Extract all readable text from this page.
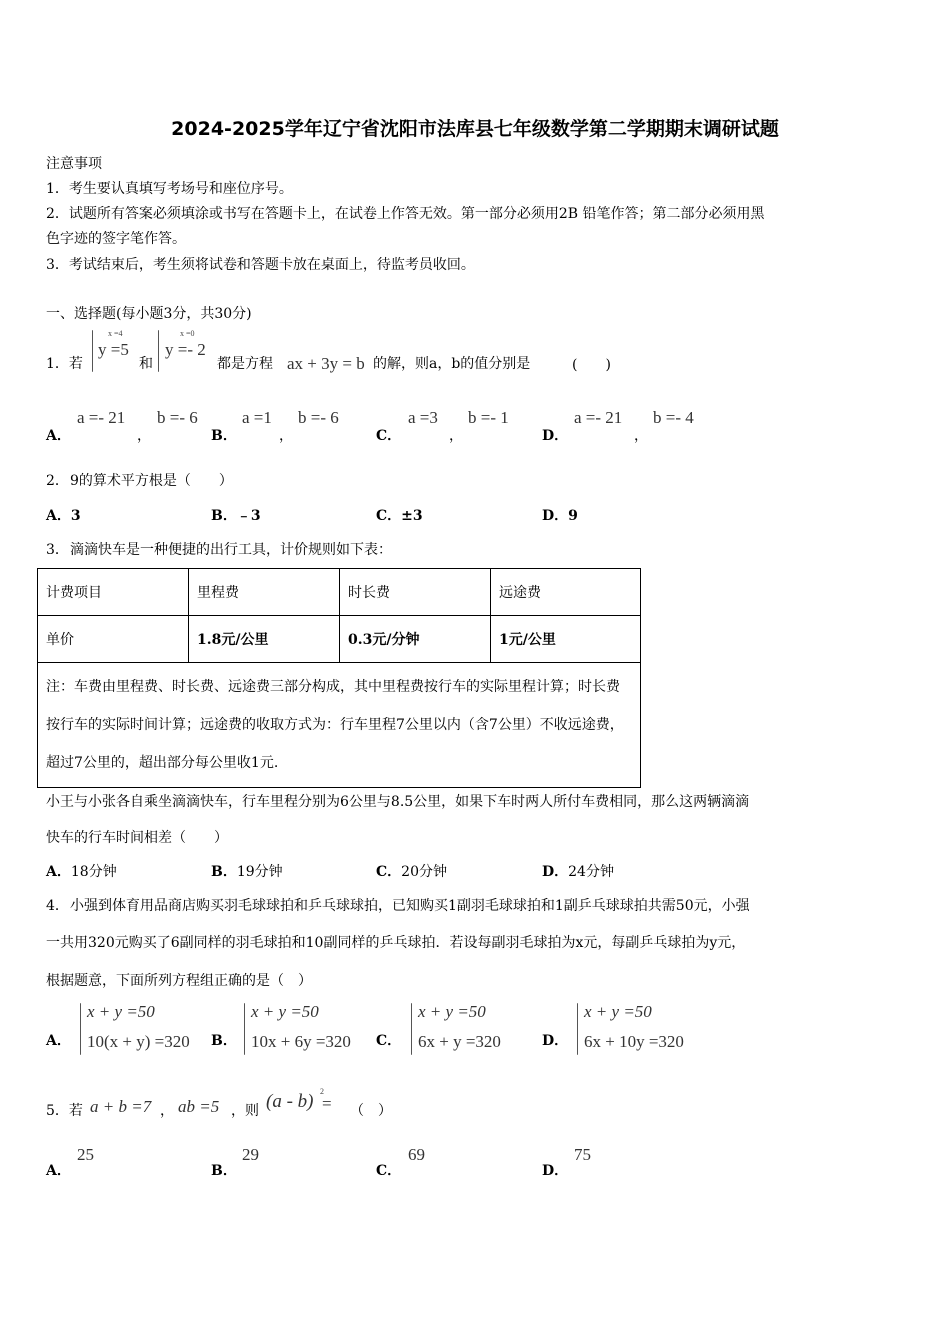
2024-2025学年辽宁省沈阳市法库县七年级数学第二学期期末调研试题
注意事项
1．考生要认真填写考场号和座位序号。
2．试题所有答案必须填涂或书写在答题卡上，在试卷上作答无效。第一部分必须用2B 铅笔作答；第二部分必须用黑
色字迹的签字笔作答。
3．考试结束后，考生须将试卷和答题卡放在桌面上，待监考员收回。
一、选择题(每小题3分，共30分)
1．若
x =4
y =5
和
x =0
y =- 2
都是方程 ax + 3y = b 的解，则a，b的值分别是	(　　)
A．
a =- 21
，
b =- 6
B．
a =1
，
b =- 6
C．
a =3
，
b =- 1
D．
a =- 21
，
b =- 4
2． 9的算术平方根是（　　）
A．3	B．﹣3	C．±3	D．9
3． 滴滴快车是一种便捷的出行工具，计价规则如下表：
计费项目	里程费	时长费	远途费
单价	1.8元/公里	0.3元/分钟	1元/公里
注：车费由里程费、时长费、远途费三部分构成，其中里程费按行车的实际里程计算；时长费按行车的实际时间计算；远途费的收取方式为：行车里程7公里以内（含7公里）不收远途费，超过7公里的，超出部分每公里收1元.			
小王与小张各自乘坐滴滴快车，行车里程分别为6公里与8.5公里，如果下车时两人所付车费相同，那么这两辆滴滴
快车的行车时间相差（　　）
A．18分钟	B．19分钟	C．20分钟	D．24分钟
4． 小强到体育用品商店购买羽毛球球拍和乒乓球球拍，已知购买1副羽毛球球拍和1副乒乓球球拍共需50元，小强
一共用320元购买了6副同样的羽毛球拍和10副同样的乒乓球拍．若设每副羽毛球拍为x元，每副乒乓球拍为y元，
根据题意，下面所列方程组正确的是（　）
A．
x + y =50
10(x + y) =320 B．
x + y =50
10x + 6y =320 C．
x + y =50
6x + y =320	D．
x + y =50
6x + 10y =320
5．若 a + b =7 ， ab =5 ，则 (a - b) 2
= （　）
A．
25
B．
29
C．
69
D．
75
